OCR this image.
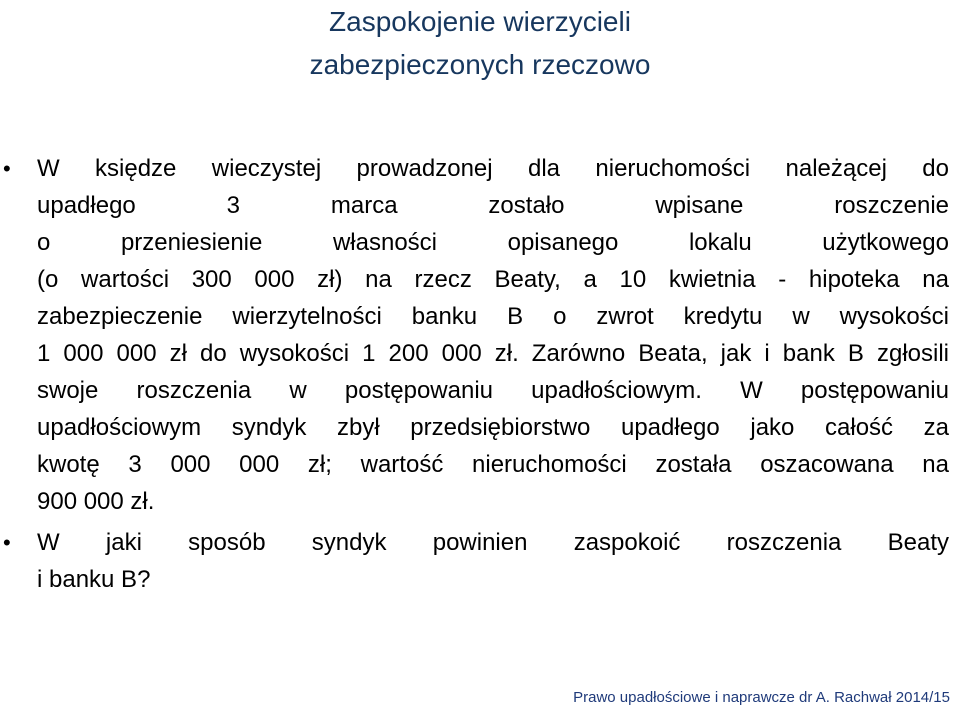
Zaspokojenie wierzycieli
zabezpieczonych rzeczowo
• W księdze wieczystej prowadzonej dla nieruchomości należącej do
upadłego 3 marca zostało wpisane roszczenie
o przeniesienie własności opisanego lokalu użytkowego
(o wartości 300 000 zł) na rzecz Beaty, a 10 kwietnia - hipoteka na
zabezpieczenie wierzytelności banku B o zwrot kredytu w wysokości
1 000 000 zł do wysokości 1 200 000 zł. Zarówno Beata, jak i bank B zgłosili
swoje roszczenia w postępowaniu upadłościowym. W postępowaniu
upadłościowym syndyk zbył przedsiębiorstwo upadłego jako całość za
kwotę 3 000 000 zł; wartość nieruchomości została oszacowana na
900 000 zł.
• W jaki sposób syndyk powinien zaspokoić roszczenia Beaty
i banku B?
Prawo upadłościowe i naprawcze dr A. Rachwał 2014/15
